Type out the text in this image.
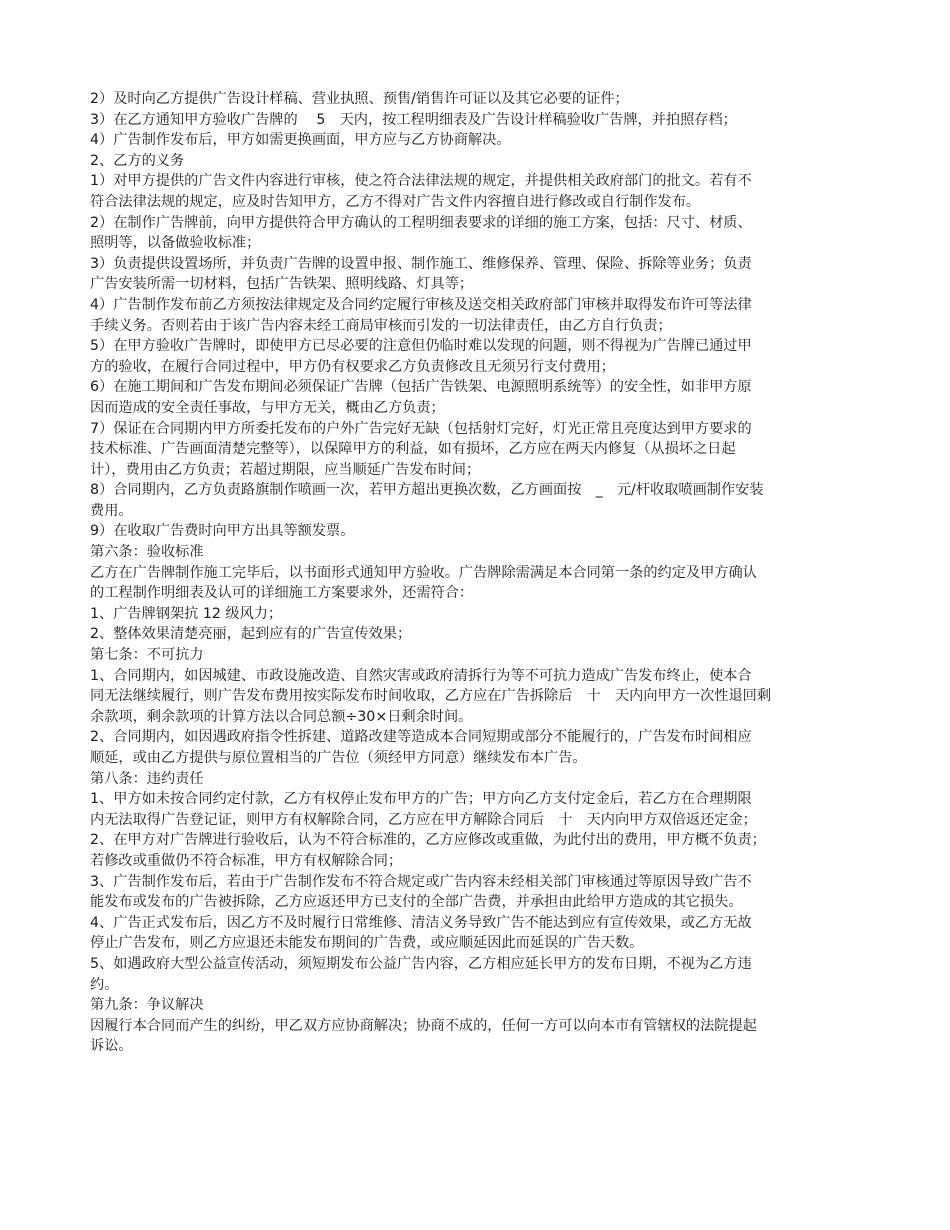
2）及时向乙方提供广告设计样稿、营业执照、预售/销售许可证以及其它必要的证件；
3）在乙方通知甲方验收广告牌的　 5　天内，按工程明细表及广告设计样稿验收广告牌，并拍照存档；
4）广告制作发布后，甲方如需更换画面，甲方应与乙方协商解决。
2、乙方的义务
1）对甲方提供的广告文件内容进行审核，使之符合法律法规的规定，并提供相关政府部门的批文。若有不
符合法律法规的规定，应及时告知甲方，乙方不得对广告文件内容擅自进行修改或自行制作发布。
2）在制作广告牌前，向甲方提供符合甲方确认的工程明细表要求的详细的施工方案，包括：尺寸、材质、
照明等，以备做验收标准；
3）负责提供设置场所，并负责广告牌的设置申报、制作施工、维修保养、管理、保险、拆除等业务；负责
广告安装所需一切材料，包括广告铁架、照明线路、灯具等；
4）广告制作发布前乙方须按法律规定及合同约定履行审核及送交相关政府部门审核并取得发布许可等法律
手续义务。否则若由于该广告内容未经工商局审核而引发的一切法律责任，由乙方自行负责；
5）在甲方验收广告牌时，即使甲方已尽必要的注意但仍临时难以发现的问题，则不得视为广告牌已通过甲
方的验收，在履行合同过程中，甲方仍有权要求乙方负责修改且无须另行支付费用；
6）在施工期间和广告发布期间必须保证广告牌（包括广告铁架、电源照明系统等）的安全性，如非甲方原
因而造成的安全责任事故，与甲方无关，概由乙方负责；
7）保证在合同期内甲方所委托发布的户外广告完好无缺（包括射灯完好，灯光正常且亮度达到甲方要求的
技术标准、广告画面清楚完整等），以保障甲方的利益，如有损坏，乙方应在两天内修复（从损坏之日起
计），费用由乙方负责；若超过期限，应当顺延广告发布时间；
8）合同期内，乙方负责路旗制作喷画一次，若甲方超出更换次数，乙方画面按　_　元/杆收取喷画制作安装
费用。
9）在收取广告费时向甲方出具等额发票。
第六条：验收标准
乙方在广告牌制作施工完毕后，以书面形式通知甲方验收。广告牌除需满足本合同第一条的约定及甲方确认
的工程制作明细表及认可的详细施工方案要求外，还需符合：
1、广告牌钢架抗 12 级风力；
2、整体效果清楚亮丽，起到应有的广告宣传效果；
第七条：不可抗力
1、合同期内，如因城建、市政设施改造、自然灾害或政府清拆行为等不可抗力造成广告发布终止，使本合
同无法继续履行，则广告发布费用按实际发布时间收取，乙方应在广告拆除后　十　天内向甲方一次性退回剩
余款项，剩余款项的计算方法以合同总额÷30×日剩余时间。
2、合同期内，如因遇政府指令性拆建、道路改建等造成本合同短期或部分不能履行的，广告发布时间相应
顺延，或由乙方提供与原位置相当的广告位（须经甲方同意）继续发布本广告。
第八条：违约责任
1、甲方如未按合同约定付款，乙方有权停止发布甲方的广告；甲方向乙方支付定金后，若乙方在合理期限
内无法取得广告登记证，则甲方有权解除合同，乙方应在甲方解除合同后　十　天内向甲方双倍返还定金；
2、在甲方对广告牌进行验收后，认为不符合标准的，乙方应修改或重做，为此付出的费用，甲方概不负责；
若修改或重做仍不符合标准，甲方有权解除合同；
3、广告制作发布后，若由于广告制作发布不符合规定或广告内容未经相关部门审核通过等原因导致广告不
能发布或发布的广告被拆除，乙方应返还甲方已支付的全部广告费，并承担由此给甲方造成的其它损失。
4、广告正式发布后，因乙方不及时履行日常维修、清洁义务导致广告不能达到应有宣传效果，或乙方无故
停止广告发布，则乙方应退还未能发布期间的广告费，或应顺延因此而延误的广告天数。
5、如遇政府大型公益宣传活动，须短期发布公益广告内容，乙方相应延长甲方的发布日期，不视为乙方违
约。
第九条：争议解决
因履行本合同而产生的纠纷，甲乙双方应协商解决；协商不成的，任何一方可以向本市有管辖权的法院提起
诉讼。
